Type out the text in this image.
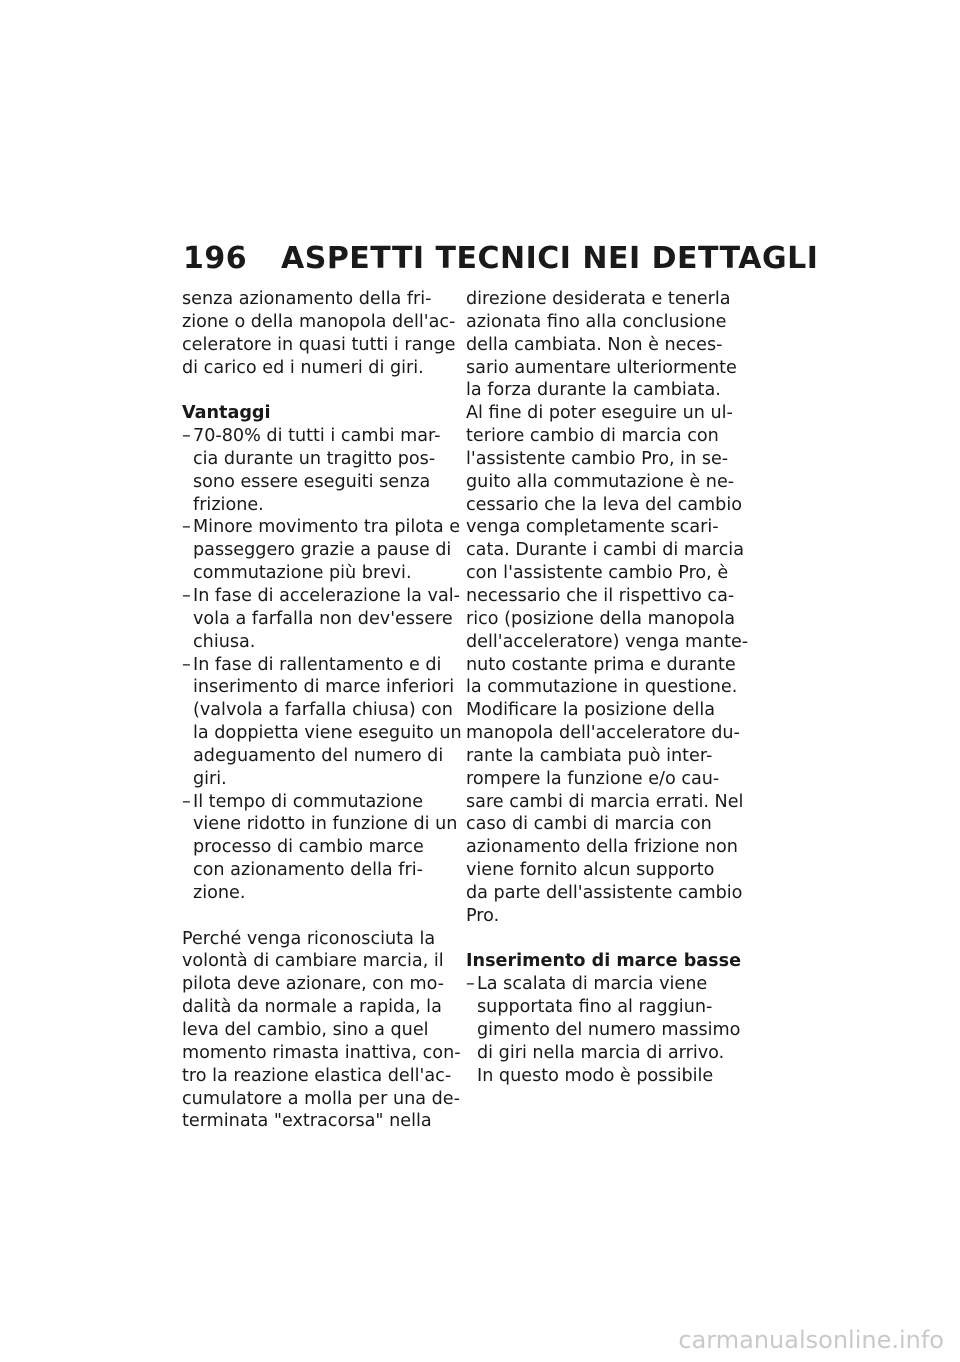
196 ASPETTI TECNICI NEI DETTAGLI
senza azionamento della fri-
zione o della manopola dell'ac-
celeratore in quasi tutti i range
di carico ed i numeri di giri.
Vantaggi
– 70-80% di tutti i cambi mar-
cia durante un tragitto pos-
sono essere eseguiti senza
frizione.
– Minore movimento tra pilota e
passeggero grazie a pause di
commutazione più brevi.
– In fase di accelerazione la val-
vola a farfalla non dev'essere
chiusa.
– In fase di rallentamento e di
inserimento di marce inferiori
(valvola a farfalla chiusa) con
la doppietta viene eseguito un
adeguamento del numero di
giri.
– Il tempo di commutazione
viene ridotto in funzione di un
processo di cambio marce
con azionamento della fri-
zione.
Perché venga riconosciuta la
volontà di cambiare marcia, il
pilota deve azionare, con mo-
dalità da normale a rapida, la
leva del cambio, sino a quel
momento rimasta inattiva, con-
tro la reazione elastica dell'ac-
cumulatore a molla per una de-
terminata "extracorsa" nella
direzione desiderata e tenerla
azionata fino alla conclusione
della cambiata. Non è neces-
sario aumentare ulteriormente
la forza durante la cambiata.
Al fine di poter eseguire un ul-
teriore cambio di marcia con
l'assistente cambio Pro, in se-
guito alla commutazione è ne-
cessario che la leva del cambio
venga completamente scari-
cata. Durante i cambi di marcia
con l'assistente cambio Pro, è
necessario che il rispettivo ca-
rico (posizione della manopola
dell'acceleratore) venga mante-
nuto costante prima e durante
la commutazione in questione.
Modificare la posizione della
manopola dell'acceleratore du-
rante la cambiata può inter-
rompere la funzione e/o cau-
sare cambi di marcia errati. Nel
caso di cambi di marcia con
azionamento della frizione non
viene fornito alcun supporto
da parte dell'assistente cambio
Pro.
Inserimento di marce basse
– La scalata di marcia viene
supportata fino al raggiun-
gimento del numero massimo
di giri nella marcia di arrivo.
In questo modo è possibile
carmanualsonline.info
